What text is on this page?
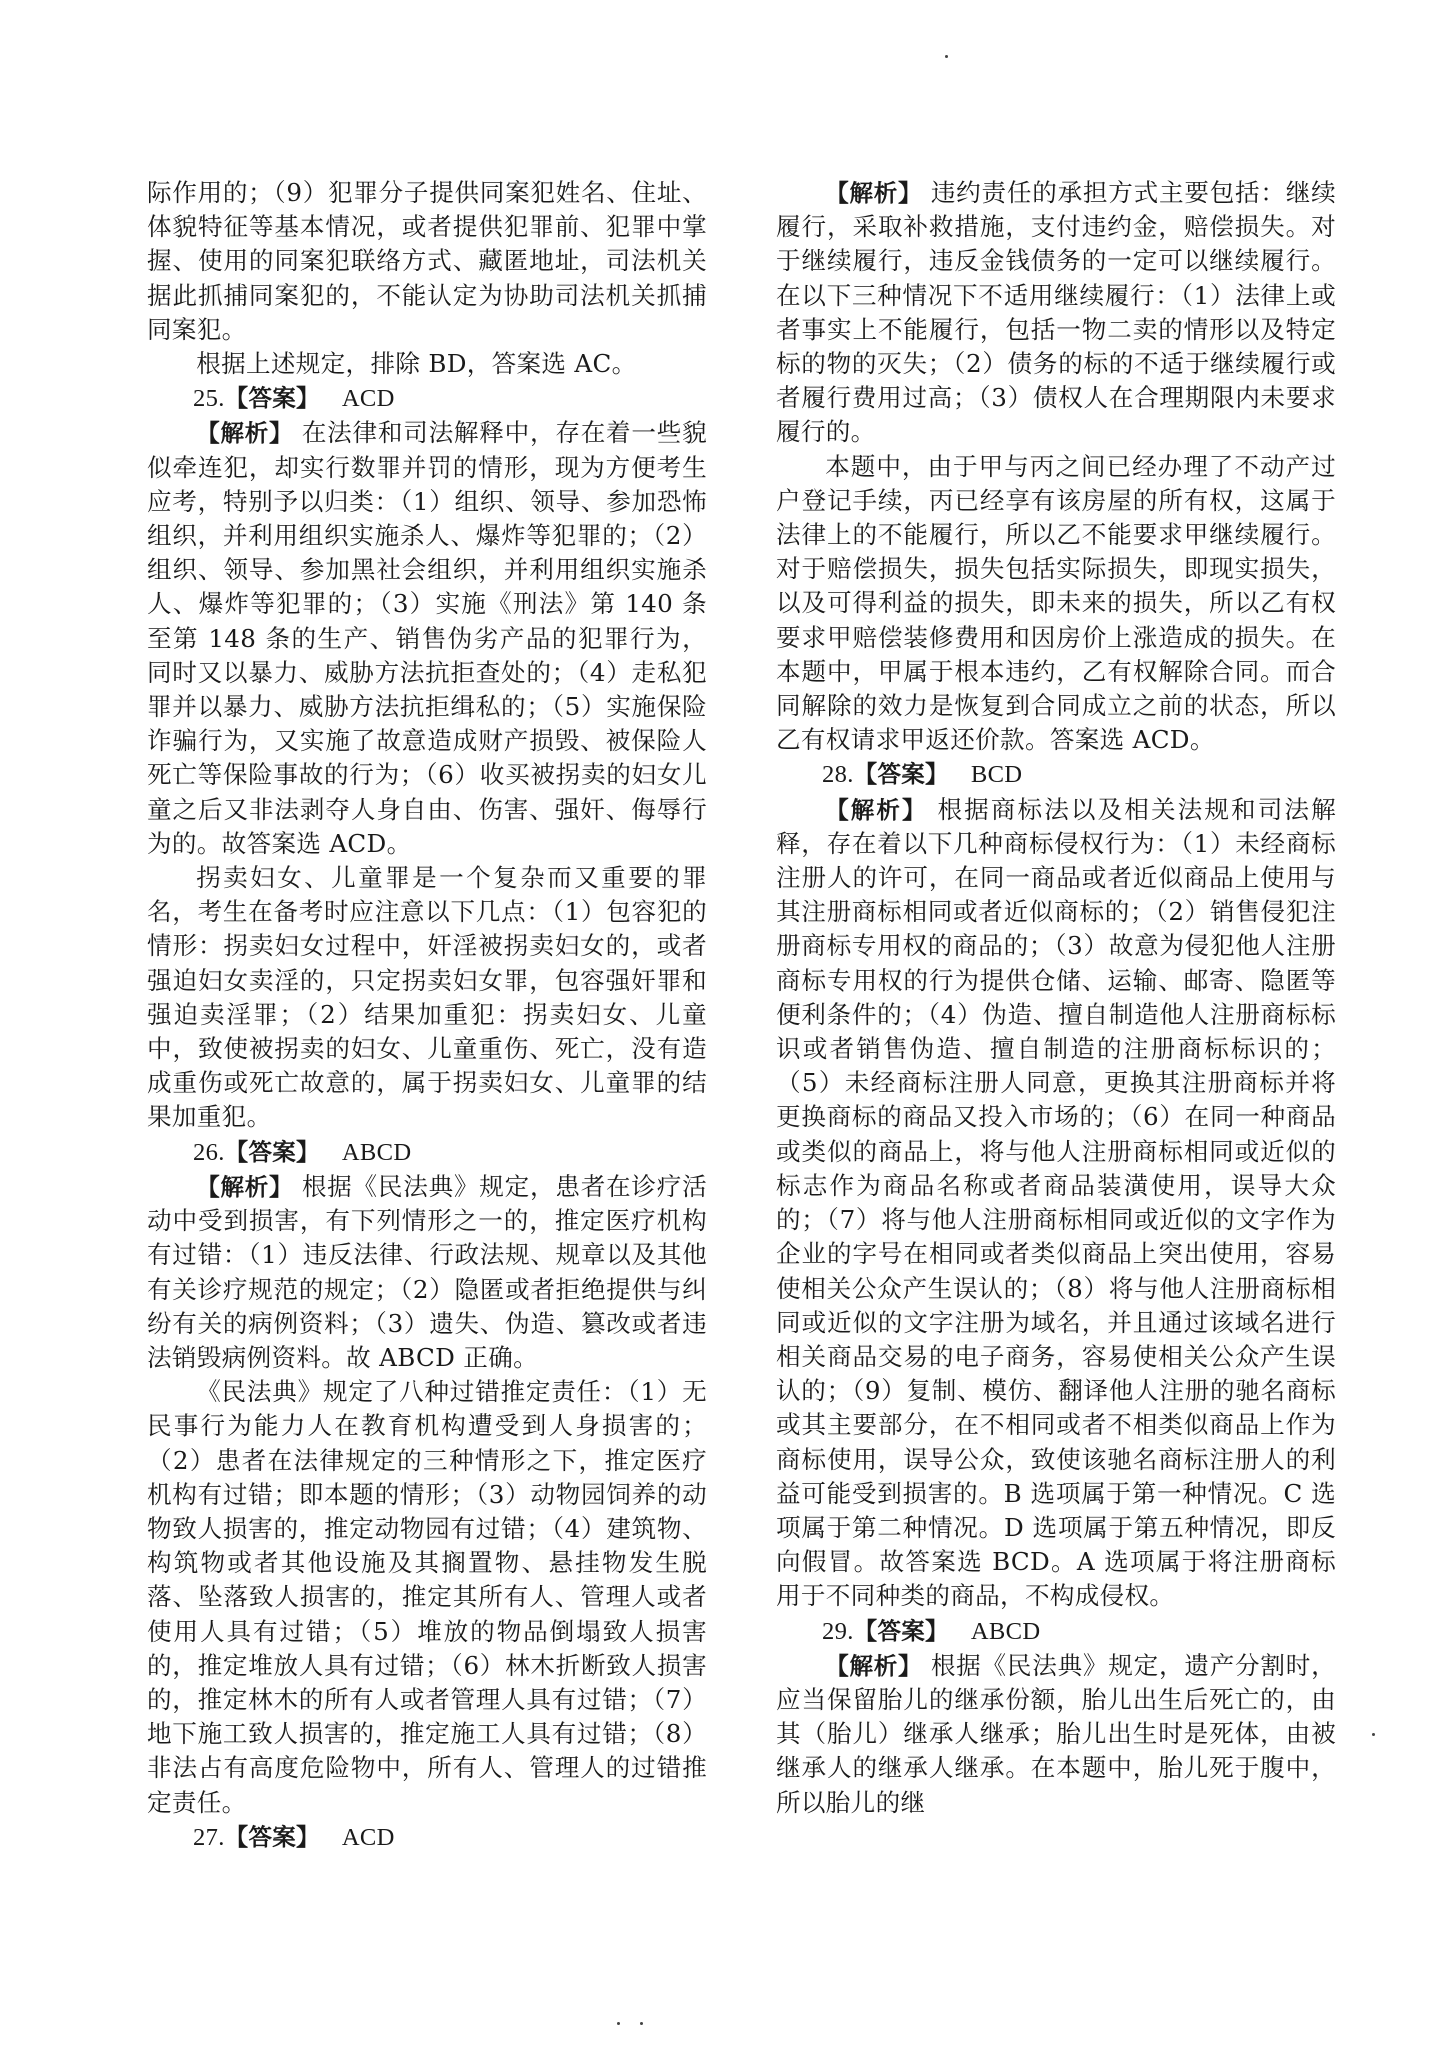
际作用的；（9）犯罪分子提供同案犯姓名、住址、体貌特征等基本情况，或者提供犯罪前、犯罪中掌握、使用的同案犯联络方式、藏匿地址，司法机关据此抓捕同案犯的，不能认定为协助司法机关抓捕同案犯。

根据上述规定，排除 BD，答案选 AC。

25.【答案】 ACD

【解析】 在法律和司法解释中，存在着一些貌似牵连犯，却实行数罪并罚的情形，现为方便考生应考，特别予以归类：（1）组织、领导、参加恐怖组织，并利用组织实施杀人、爆炸等犯罪的；（2）组织、领导、参加黑社会组织，并利用组织实施杀人、爆炸等犯罪的；（3）实施《刑法》第 140 条至第 148 条的生产、销售伪劣产品的犯罪行为，同时又以暴力、威胁方法抗拒查处的；（4）走私犯罪并以暴力、威胁方法抗拒缉私的；（5）实施保险诈骗行为，又实施了故意造成财产损毁、被保险人死亡等保险事故的行为；（6）收买被拐卖的妇女儿童之后又非法剥夺人身自由、伤害、强奸、侮辱行为的。故答案选 ACD。

拐卖妇女、儿童罪是一个复杂而又重要的罪名，考生在备考时应注意以下几点：（1）包容犯的情形：拐卖妇女过程中，奸淫被拐卖妇女的，或者强迫妇女卖淫的，只定拐卖妇女罪，包容强奸罪和强迫卖淫罪；（2）结果加重犯：拐卖妇女、儿童中，致使被拐卖的妇女、儿童重伤、死亡，没有造成重伤或死亡故意的，属于拐卖妇女、儿童罪的结果加重犯。

26.【答案】 ABCD

【解析】 根据《民法典》规定，患者在诊疗活动中受到损害，有下列情形之一的，推定医疗机构有过错：（1）违反法律、行政法规、规章以及其他有关诊疗规范的规定；（2）隐匿或者拒绝提供与纠纷有关的病例资料；（3）遗失、伪造、篡改或者违法销毁病例资料。故 ABCD 正确。

《民法典》规定了八种过错推定责任：（1）无民事行为能力人在教育机构遭受到人身损害的；（2）患者在法律规定的三种情形之下，推定医疗机构有过错；即本题的情形；（3）动物园饲养的动物致人损害的，推定动物园有过错；（4）建筑物、构筑物或者其他设施及其搁置物、悬挂物发生脱落、坠落致人损害的，推定其所有人、管理人或者使用人具有过错；（5）堆放的物品倒塌致人损害的，推定堆放人具有过错；（6）林木折断致人损害的，推定林木的所有人或者管理人具有过错；（7）地下施工致人损害的，推定施工人具有过错；（8）非法占有高度危险物中，所有人、管理人的过错推定责任。

27.【答案】 ACD

【解析】 违约责任的承担方式主要包括：继续履行，采取补救措施，支付违约金，赔偿损失。对于继续履行，违反金钱债务的一定可以继续履行。在以下三种情况下不适用继续履行：（1）法律上或者事实上不能履行，包括一物二卖的情形以及特定标的物的灭失；（2）债务的标的不适于继续履行或者履行费用过高；（3）债权人在合理期限内未要求履行的。

本题中，由于甲与丙之间已经办理了不动产过户登记手续，丙已经享有该房屋的所有权，这属于法律上的不能履行，所以乙不能要求甲继续履行。对于赔偿损失，损失包括实际损失，即现实损失，以及可得利益的损失，即未来的损失，所以乙有权要求甲赔偿装修费用和因房价上涨造成的损失。在本题中，甲属于根本违约，乙有权解除合同。而合同解除的效力是恢复到合同成立之前的状态，所以乙有权请求甲返还价款。答案选 ACD。

28.【答案】 BCD

【解析】 根据商标法以及相关法规和司法解释，存在着以下几种商标侵权行为：（1）未经商标注册人的许可，在同一商品或者近似商品上使用与其注册商标相同或者近似商标的；（2）销售侵犯注册商标专用权的商品的；（3）故意为侵犯他人注册商标专用权的行为提供仓储、运输、邮寄、隐匿等便利条件的；（4）伪造、擅自制造他人注册商标标识或者销售伪造、擅自制造的注册商标标识的；（5）未经商标注册人同意，更换其注册商标并将更换商标的商品又投入市场的；（6）在同一种商品或类似的商品上，将与他人注册商标相同或近似的标志作为商品名称或者商品装潢使用，误导大众的；（7）将与他人注册商标相同或近似的文字作为企业的字号在相同或者类似商品上突出使用，容易使相关公众产生误认的；（8）将与他人注册商标相同或近似的文字注册为域名，并且通过该域名进行相关商品交易的电子商务，容易使相关公众产生误认的；（9）复制、模仿、翻译他人注册的驰名商标或其主要部分，在不相同或者不相类似商品上作为商标使用，误导公众，致使该驰名商标注册人的利益可能受到损害的。B 选项属于第一种情况。C 选项属于第二种情况。D 选项属于第五种情况，即反向假冒。故答案选 BCD。A 选项属于将注册商标用于不同种类的商品，不构成侵权。

29.【答案】 ABCD

【解析】 根据《民法典》规定，遗产分割时，应当保留胎儿的继承份额，胎儿出生后死亡的，由其（胎儿）继承人继承；胎儿出生时是死体，由被继承人的继承人继承。在本题中，胎儿死于腹中，所以胎儿的继
